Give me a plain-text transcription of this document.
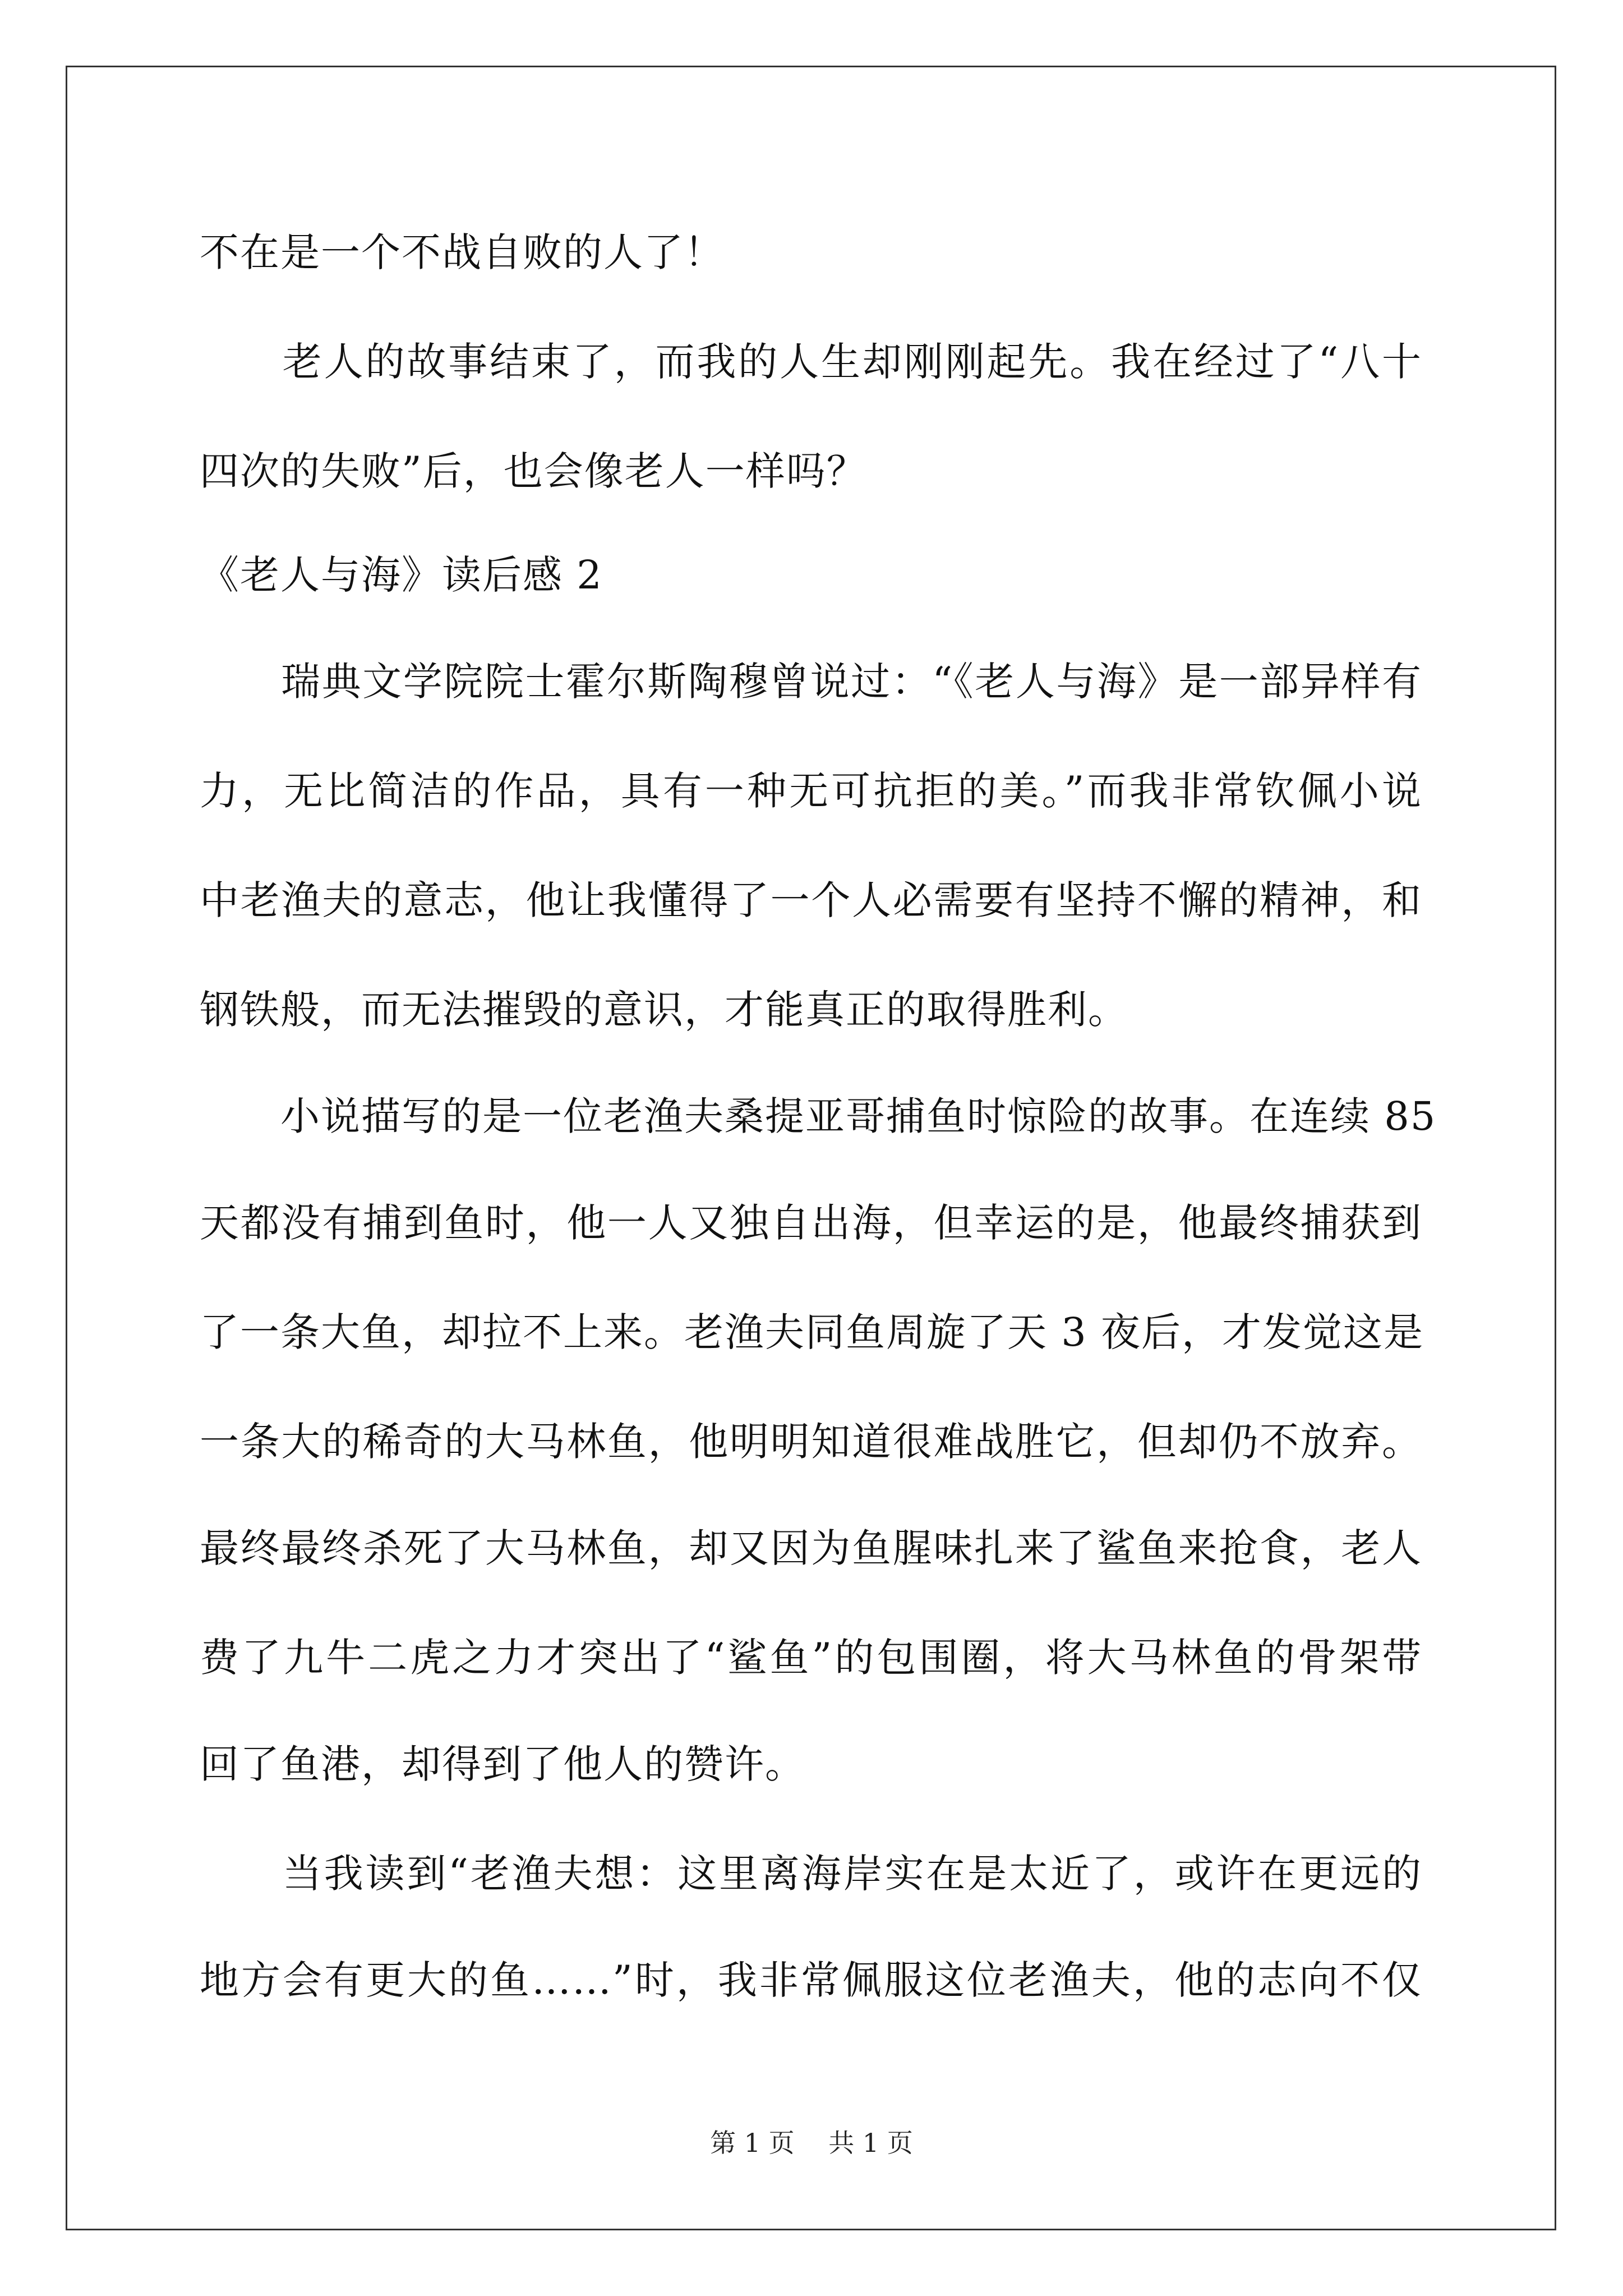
不在是一个不战自败的人了！

　　老人的故事结束了，而我的人生却刚刚起先。我在经过了“八十

四次的失败”后，也会像老人一样吗？

《老人与海》读后感 2

　　瑞典文学院院士霍尔斯陶穆曾说过：“《老人与海》是一部异样有

力，无比简洁的作品，具有一种无可抗拒的美。”而我非常钦佩小说

中老渔夫的意志，他让我懂得了一个人必需要有坚持不懈的精神，和

钢铁般，而无法摧毁的意识，才能真正的取得胜利。

　　小说描写的是一位老渔夫桑提亚哥捕鱼时惊险的故事。在连续 85

天都没有捕到鱼时，他一人又独自出海，但幸运的是，他最终捕获到

了一条大鱼，却拉不上来。老渔夫同鱼周旋了天 3 夜后，才发觉这是

一条大的稀奇的大马林鱼，他明明知道很难战胜它，但却仍不放弃。

最终最终杀死了大马林鱼，却又因为鱼腥味扎来了鲨鱼来抢食，老人

费了九牛二虎之力才突出了“鲨鱼”的包围圈，将大马林鱼的骨架带

回了鱼港，却得到了他人的赞许。

　　当我读到“老渔夫想：这里离海岸实在是太近了，或许在更远的

地方会有更大的鱼……”时，我非常佩服这位老渔夫，他的志向不仅

第 1 页　 共 1 页
